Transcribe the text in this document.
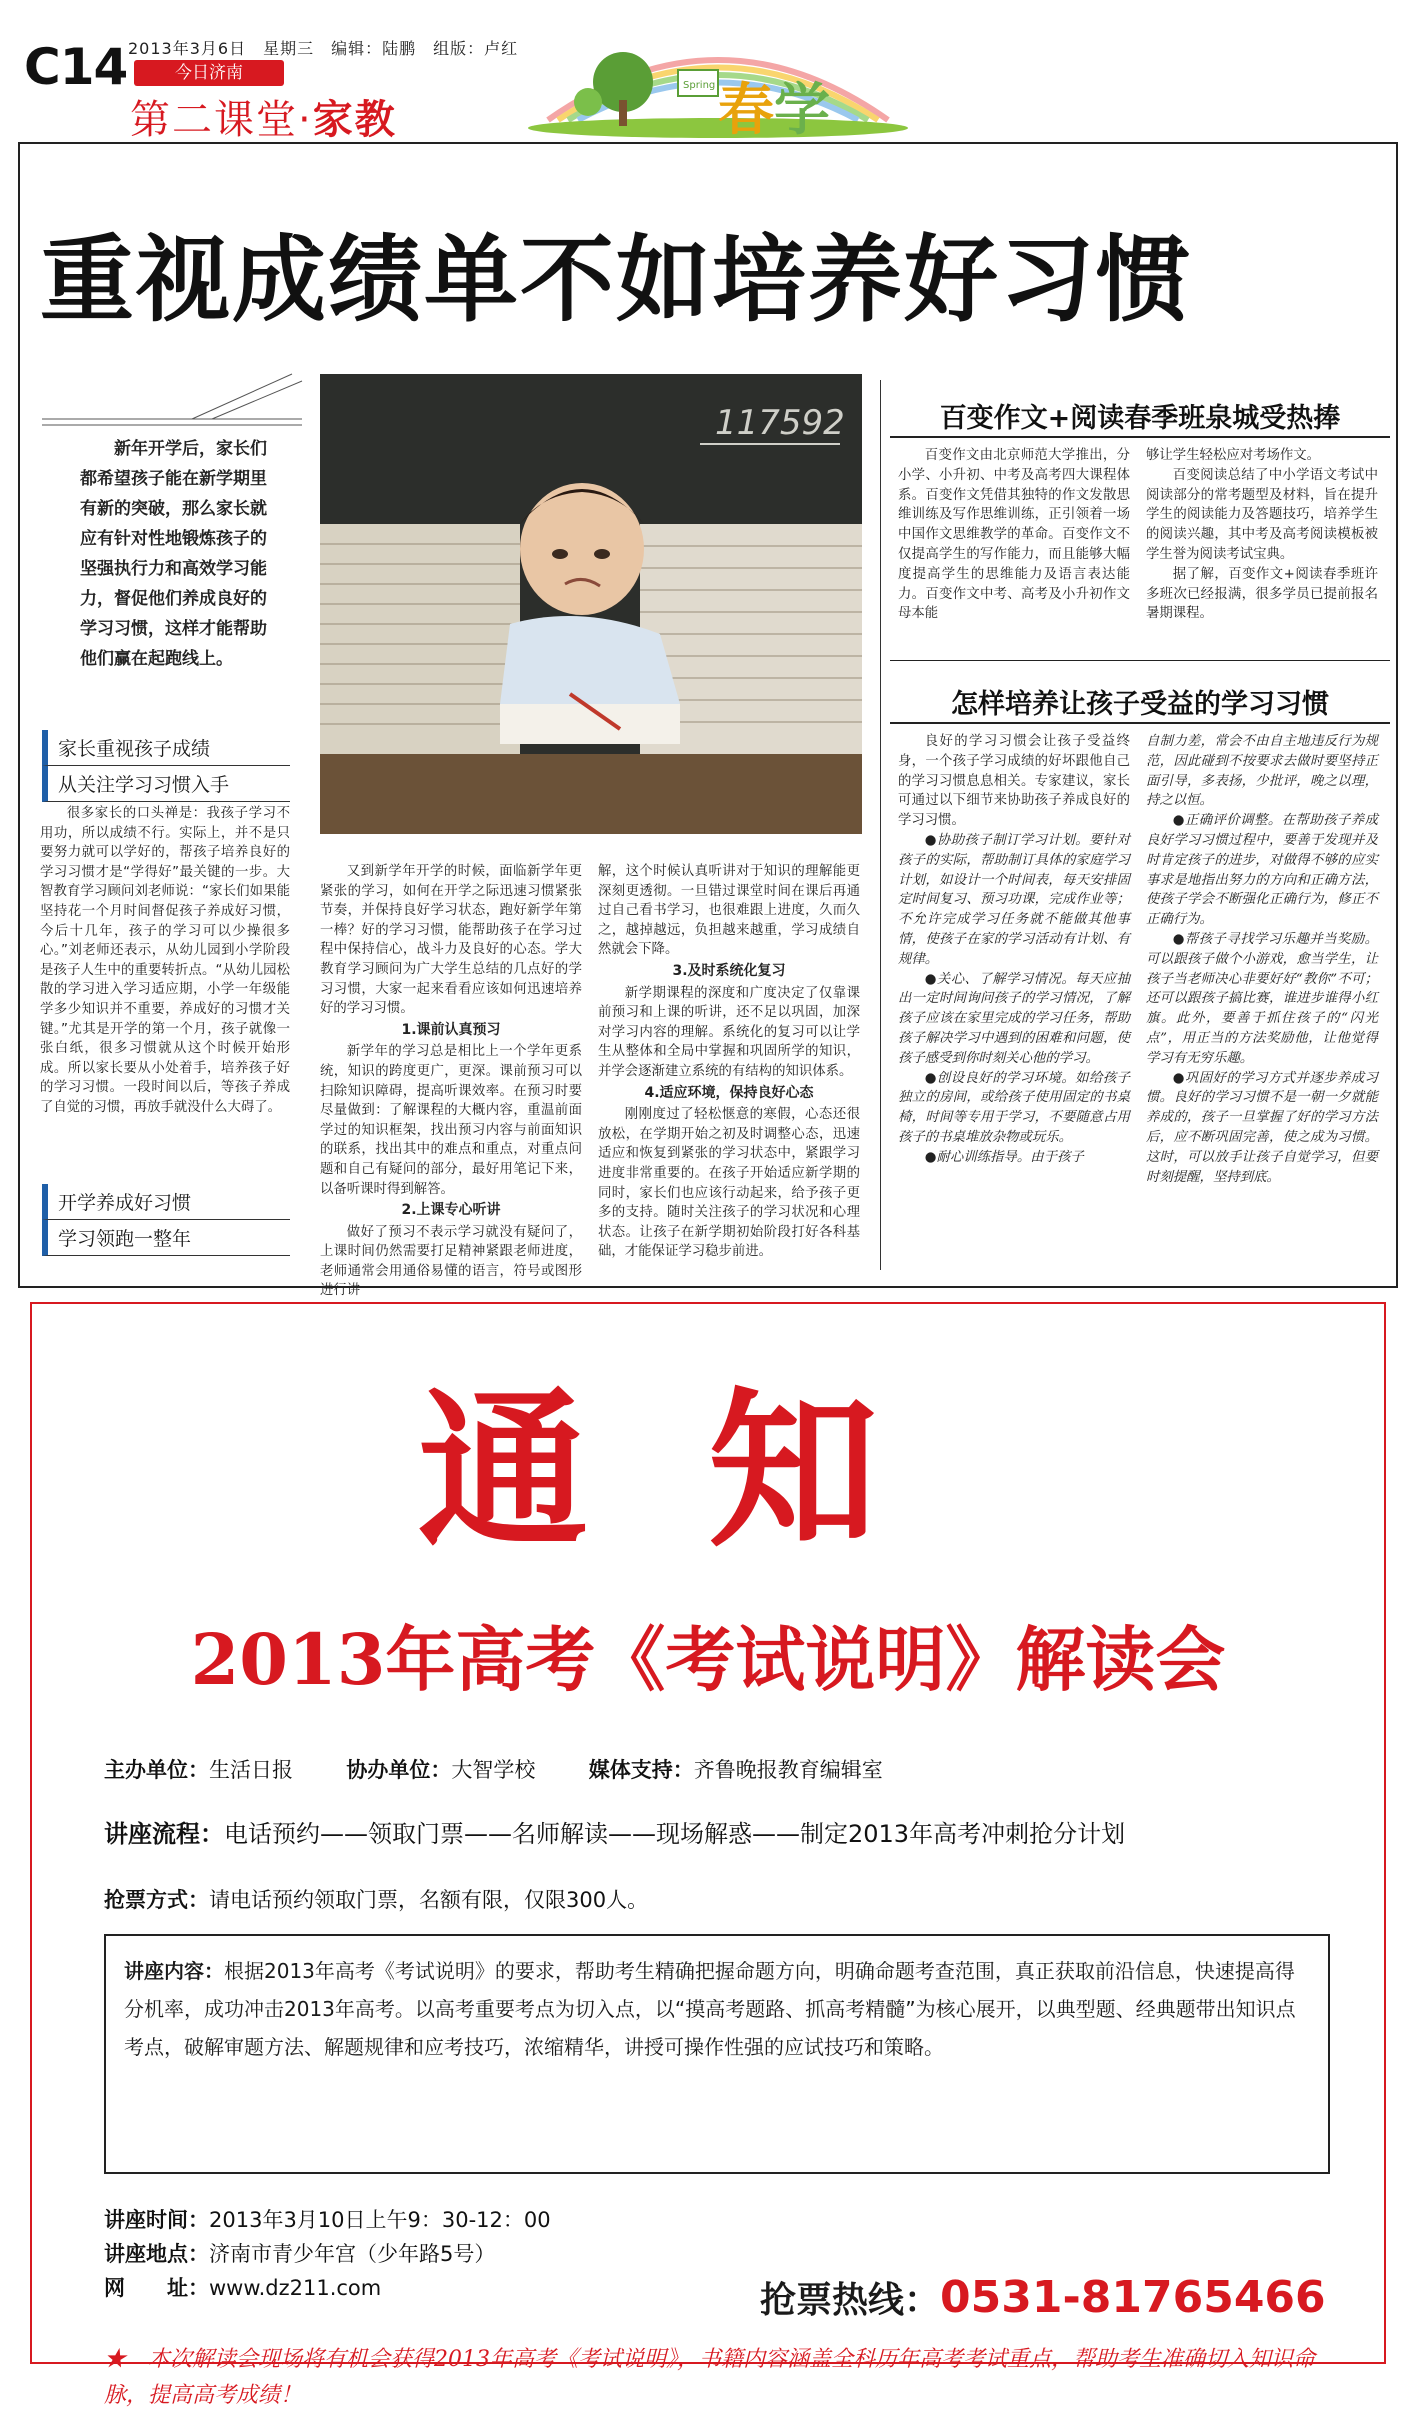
C14 2013年3月6日　星期三　编辑：陆鹏　组版：卢红
今日济南
第二课堂·家教
Spring 春学
重视成绩单不如培养好习惯
新年开学后，家长们都希望孩子能在新学期里有新的突破，那么家长就应有针对性地锻炼孩子的坚强执行力和高效学习能力，督促他们养成良好的学习习惯，这样才能帮助他们赢在起跑线上。
家长重视孩子成绩
从关注学习习惯入手

很多家长的口头禅是：我孩子学习不用功，所以成绩不行。实际上，并不是只要努力就可以学好的，帮孩子培养良好的学习习惯才是“学得好”最关键的一步。大智教育学习顾问刘老师说：“家长们如果能坚持花一个月时间督促孩子养成好习惯，今后十几年，孩子的学习可以少操很多心。”刘老师还表示，从幼儿园到小学阶段是孩子人生中的重要转折点。“从幼儿园松散的学习进入学习适应期，小学一年级能学多少知识并不重要，养成好的习惯才关键。”尤其是开学的第一个月，孩子就像一张白纸，很多习惯就从这个时候开始形成。所以家长要从小处着手，培养孩子好的学习习惯。一段时间以后，等孩子养成了自觉的习惯，再放手就没什么大碍了。

开学养成好习惯
学习领跑一整年
117592

又到新学年开学的时候，面临新学年更紧张的学习，如何在开学之际迅速习惯紧张节奏，并保持良好学习状态，跑好新学年第一棒？好的学习习惯，能帮助孩子在学习过程中保持信心，战斗力及良好的心态。学大教育学习顾问为广大学生总结的几点好的学习习惯，大家一起来看看应该如何迅速培养好的学习习惯。

1.课前认真预习

新学年的学习总是相比上一个学年更系统，知识的跨度更广，更深。课前预习可以扫除知识障碍，提高听课效率。在预习时要尽量做到：了解课程的大概内容，重温前面学过的知识框架，找出预习内容与前面知识的联系，找出其中的难点和重点，对重点问题和自己有疑问的部分，最好用笔记下来，以备听课时得到解答。

2.上课专心听讲

做好了预习不表示学习就没有疑问了，上课时间仍然需要打足精神紧跟老师进度，老师通常会用通俗易懂的语言，符号或图形进行讲

解，这个时候认真听讲对于知识的理解能更深刻更透彻。一旦错过课堂时间在课后再通过自己看书学习，也很难跟上进度，久而久之，越掉越远，负担越来越重，学习成绩自然就会下降。

3.及时系统化复习

新学期课程的深度和广度决定了仅靠课前预习和上课的听讲，还不足以巩固，加深对学习内容的理解。系统化的复习可以让学生从整体和全局中掌握和巩固所学的知识，并学会逐渐建立系统的有结构的知识体系。

4.适应环境，保持良好心态

刚刚度过了轻松惬意的寒假，心态还很放松，在学期开始之初及时调整心态，迅速适应和恢复到紧张的学习状态中，紧跟学习进度非常重要的。在孩子开始适应新学期的同时，家长们也应该行动起来，给予孩子更多的支持。随时关注孩子的学习状况和心理状态。让孩子在新学期初始阶段打好各科基础，才能保证学习稳步前进。

百变作文+阅读春季班泉城受热捧

百变作文由北京师范大学推出，分小学、小升初、中考及高考四大课程体系。百变作文凭借其独特的作文发散思维训练及写作思维训练，正引领着一场中国作文思维教学的革命。百变作文不仅提高学生的写作能力，而且能够大幅度提高学生的思维能力及语言表达能力。百变作文中考、高考及小升初作文母本能

够让学生轻松应对考场作文。

百变阅读总结了中小学语文考试中阅读部分的常考题型及材料，旨在提升学生的阅读能力及答题技巧，培养学生的阅读兴趣，其中考及高考阅读模板被学生誉为阅读考试宝典。

据了解，百变作文+阅读春季班许多班次已经报满，很多学员已提前报名暑期课程。

怎样培养让孩子受益的学习习惯

良好的学习习惯会让孩子受益终身，一个孩子学习成绩的好坏跟他自己的学习习惯息息相关。专家建议，家长可通过以下细节来协助孩子养成良好的学习习惯。

●协助孩子制订学习计划。要针对孩子的实际，帮助制订具体的家庭学习计划，如设计一个时间表，每天安排固定时间复习、预习功课，完成作业等；不允许完成学习任务就不能做其他事情，使孩子在家的学习活动有计划、有规律。

●关心、了解学习情况。每天应抽出一定时间询问孩子的学习情况，了解孩子应该在家里完成的学习任务，帮助孩子解决学习中遇到的困难和问题，使孩子感受到你时刻关心他的学习。

●创设良好的学习环境。如给孩子独立的房间，或给孩子使用固定的书桌椅，时间等专用于学习，不要随意占用孩子的书桌堆放杂物或玩乐。

●耐心训练指导。由于孩子

自制力差，常会不由自主地违反行为规范，因此碰到不按要求去做时要坚持正面引导，多表扬，少批评，晚之以理，持之以恒。

●正确评价调整。在帮助孩子养成良好学习习惯过程中，要善于发现并及时肯定孩子的进步，对做得不够的应实事求是地指出努力的方向和正确方法，使孩子学会不断强化正确行为，修正不正确行为。

●帮孩子寻找学习乐趣并当奖励。可以跟孩子做个小游戏，愈当学生，让孩子当老师决心非要好好“教你”不可；还可以跟孩子搞比赛，谁进步谁得小红旗。此外，要善于抓住孩子的“闪光点”，用正当的方法奖励他，让他觉得学习有无穷乐趣。

●巩固好的学习方式并逐步养成习惯。良好的学习习惯不是一朝一夕就能养成的，孩子一旦掌握了好的学习方法后，应不断巩固完善，使之成为习惯。这时，可以放手让孩子自觉学习，但要时刻提醒，坚持到底。

通知
2013年高考《考试说明》解读会
主办单位：生活日报	协办单位：大智学校	媒体支持：齐鲁晚报教育编辑室
讲座流程：电话预约——领取门票——名师解读——现场解惑——制定2013年高考冲刺抢分计划
抢票方式：请电话预约领取门票，名额有限，仅限300人。
讲座内容：根据2013年高考《考试说明》的要求，帮助考生精确把握命题方向，明确命题考查范围，真正获取前沿信息，快速提高得分机率，成功冲击2013年高考。以高考重要考点为切入点，以“摸高考题路、抓高考精髓”为核心展开，以典型题、经典题带出知识点考点，破解审题方法、解题规律和应考技巧，浓缩精华，讲授可操作性强的应试技巧和策略。
讲座时间：2013年3月10日上午9：30-12：00
讲座地点：济南市青少年宫（少年路5号）
网　　址：www.dz211.com	抢票热线：0531-81765466
★　本次解读会现场将有机会获得2013年高考《考试说明》，书籍内容涵盖全科历年高考考试重点，帮助考生准确切入知识命脉，提高高考成绩！
